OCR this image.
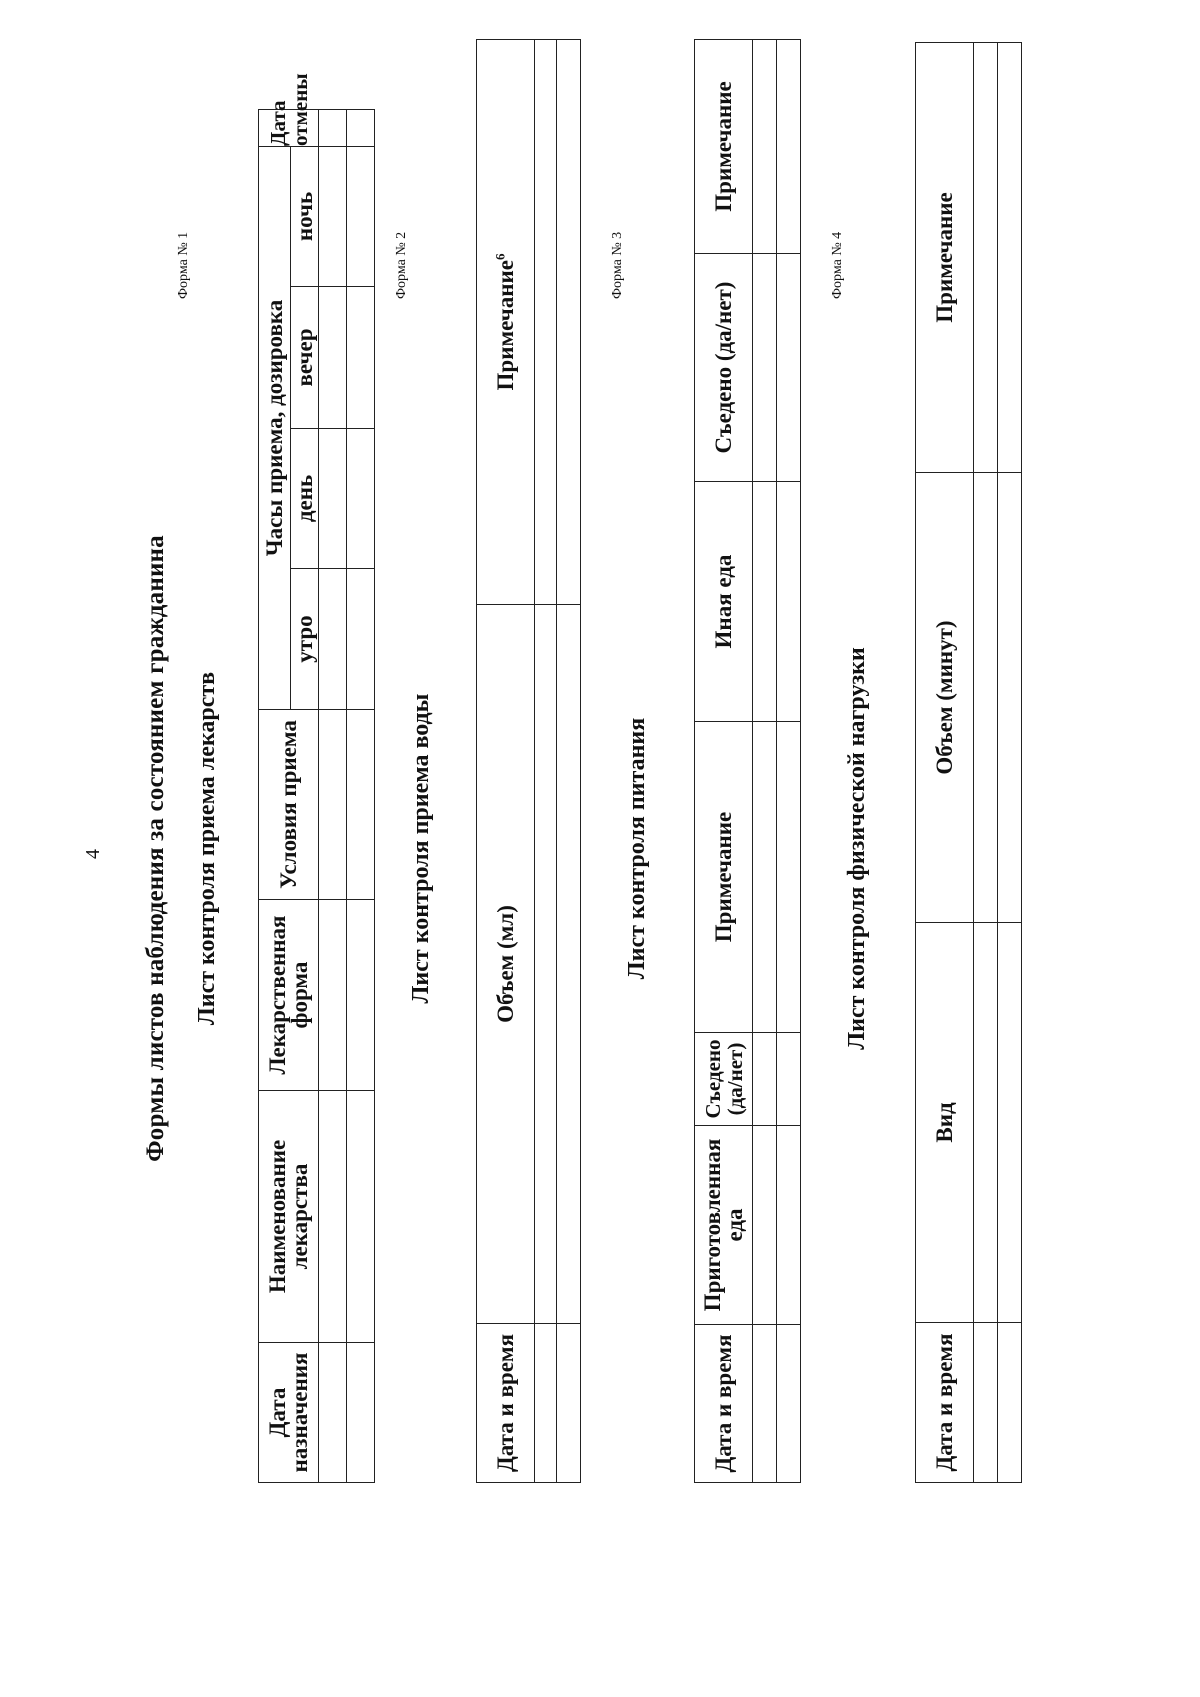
4 Формы листов наблюдения за состоянием гражданина
Форма № 1
Лист контроля приема лекарств
Дата назначения	Наименование лекарства	Лекарственная форма	Условия приема	Часы приема, дозировка				Дата отмены
				утро	день	вечер	ночь	

Форма № 2
Лист контроля приема воды
Дата и время	Объем (мл)	Примечание$^6$

			Форма № 3
Лист контроля питания
Дата и время	Приготовленная еда	Съедено (да/нет)	Примечание	Иная еда	Съедено (да/нет)	Примечание

Форма № 4
Лист контроля физической нагрузки
Дата и время	Вид	Объем (минут)	Примечание
